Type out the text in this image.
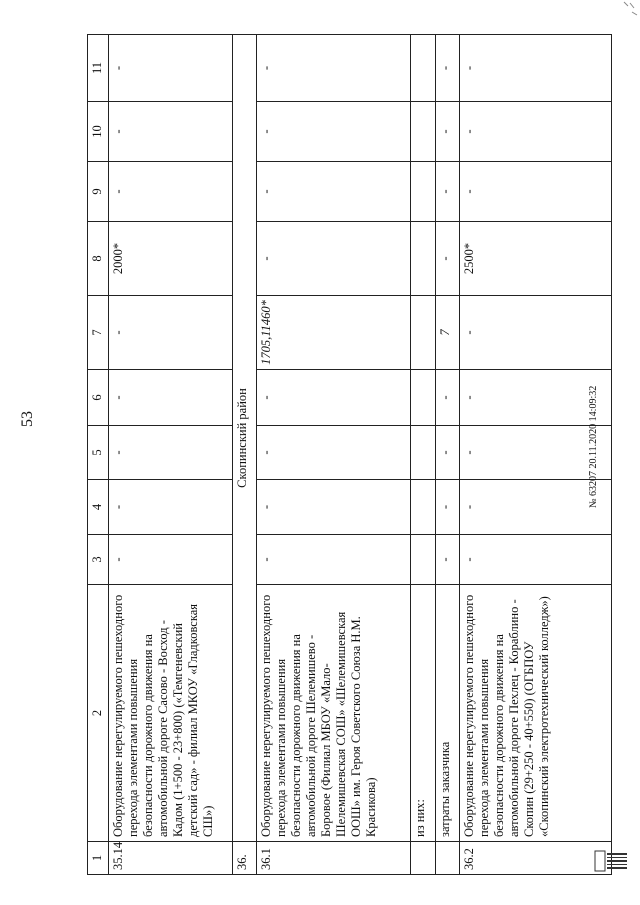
53
1	2	3	4	5	6	7	8	9	10	11
35.14	Оборудование нерегулируемого пешеходного перехода элементами повышения безопасности дорожного движения на автомобильной дороге Сасово - Восход - Кадом (1+500 - 23+800) («Темгеневский детский сад» - филиал МКОУ «Гладковская СШ»)	-	-	-	-	-	2000*	-	-	-
36.	Скопинский район									
36.1	Оборудование нерегулируемого пешеходного перехода элементами повышения безопасности дорожного движения на автомобильной дороге Шелемишево - Боровое (Филиал МБОУ «Мало-Шелемишевская СОШ» «Шелемишевская ООШ» им. Героя Советского Союза Н.М. Красикова)	-	-	-	-	1705,11460*	-	-	-	-
	из них:									
	затраты заказчика	-	-	-	-	7	-	-	-	-
36.2	Оборудование нерегулируемого пешеходного перехода элементами повышения безопасности дорожного движения на автомобильной дороге Пехлец - Кораблино - Скопин (29+250 - 40+550) (ОГБПОУ «Скопинский электротехнический колледж»)	-	-	-	-	-	2500*	-	-	-
№ 63207 20.11.2020 14:09:32
